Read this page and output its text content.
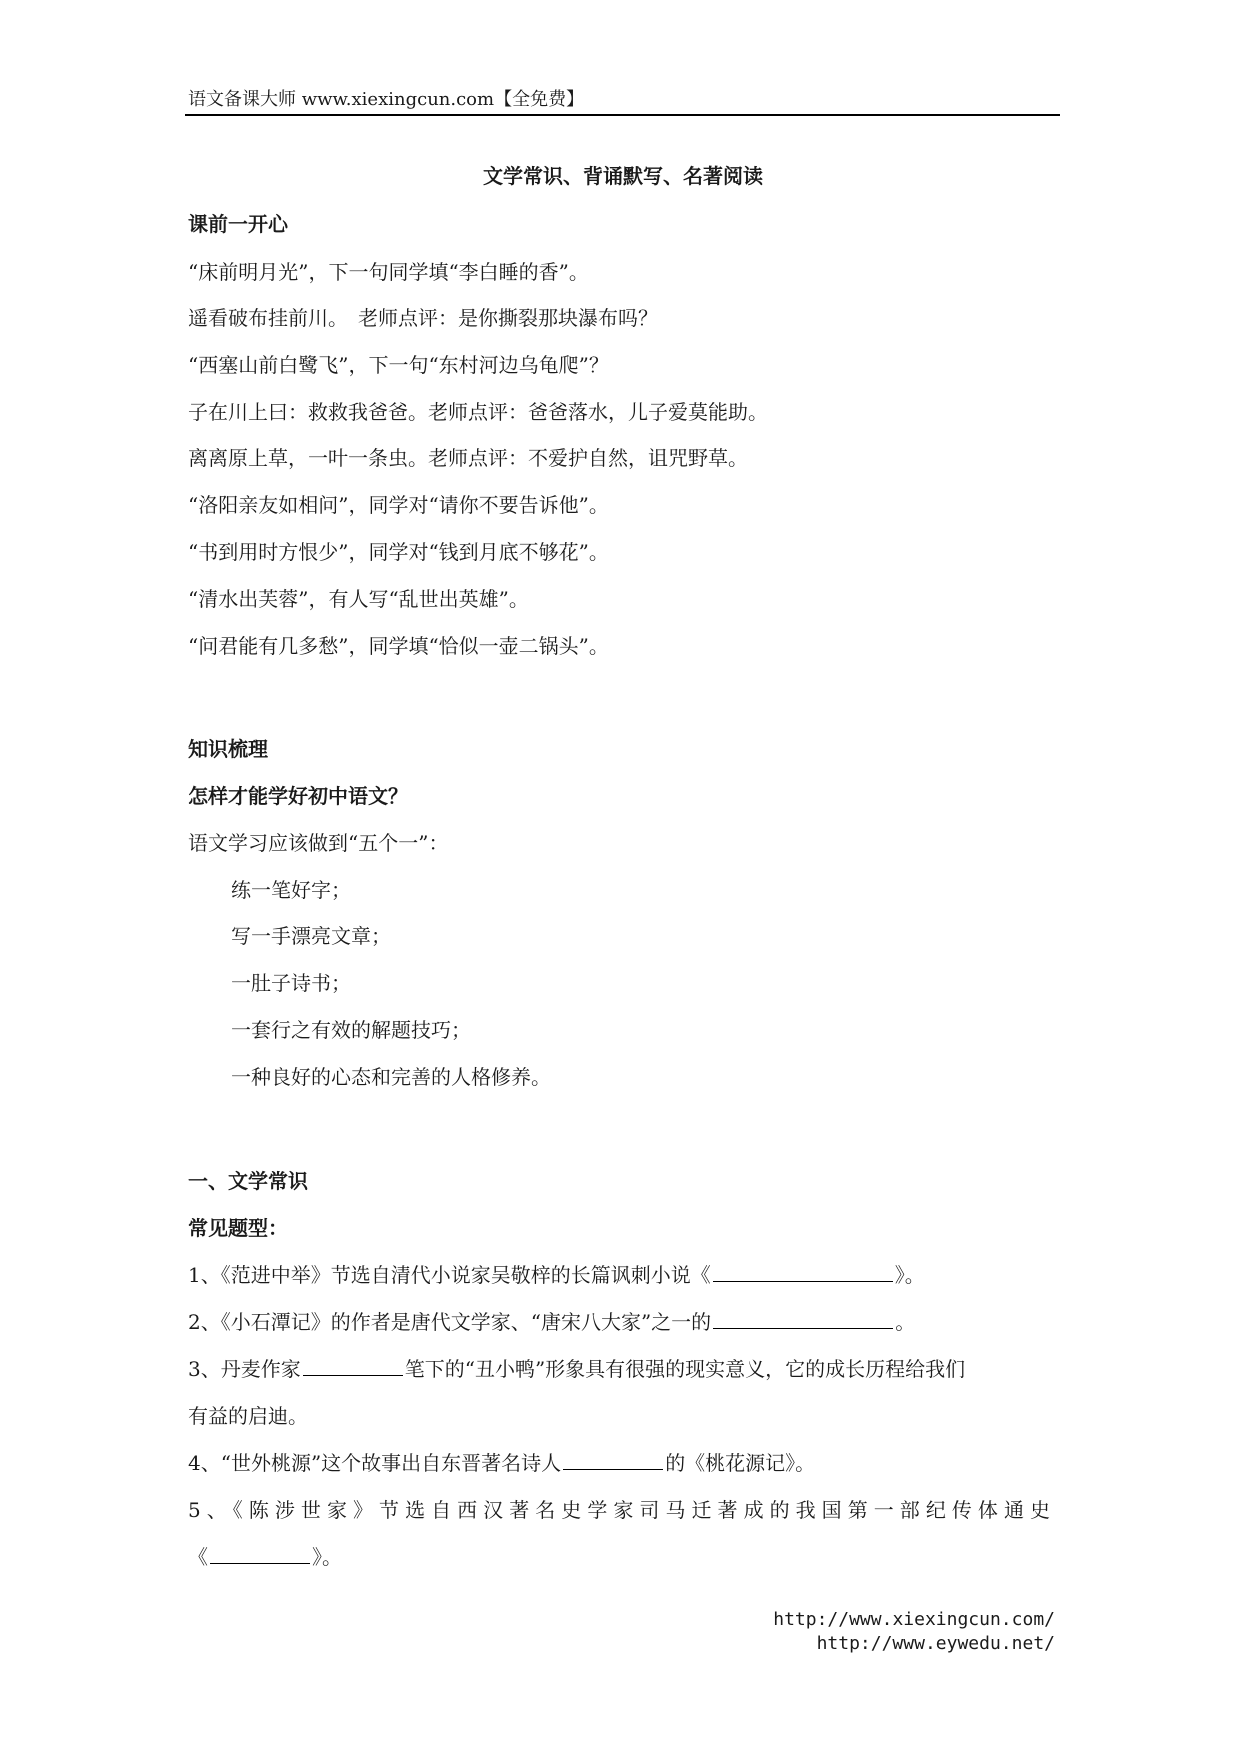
语文备课大师 www.xiexingcun.com【全免费】
文学常识、背诵默写、名著阅读
课前一开心
“床前明月光”，下一句同学填“李白睡的香”。
遥看破布挂前川。　老师点评：是你撕裂那块瀑布吗？
“西塞山前白鹭飞”，下一句“东村河边乌龟爬”？
子在川上曰：救救我爸爸。老师点评：爸爸落水，儿子爱莫能助。
离离原上草，一叶一条虫。老师点评：不爱护自然，诅咒野草。
“洛阳亲友如相问”，同学对“请你不要告诉他”。
“书到用时方恨少”，同学对“钱到月底不够花”。
“清水出芙蓉”，有人写“乱世出英雄”。
“问君能有几多愁”，同学填“恰似一壶二锅头”。
知识梳理
怎样才能学好初中语文？
语文学习应该做到“五个一”：
练一笔好字；
写一手漂亮文章；
一肚子诗书；
一套行之有效的解题技巧；
一种良好的心态和完善的人格修养。
一、文学常识
常见题型：
1、《范进中举》节选自清代小说家吴敬梓的长篇讽刺小说《	》。
2、《小石潭记》的作者是唐代文学家、“唐宋八大家”之一的	。
3、丹麦作家	笔下的“丑小鸭”形象具有很强的现实意义，它的成长历程给我们
有益的启迪。
4、“世外桃源”这个故事出自东晋著名诗人	的《桃花源记》。
5、《陈涉世家》节选自西汉著名史学家司马迁著成的我国第一部纪传体通史
《	》。
http://www.xiexingcun.com/ http://www.eywedu.net/
